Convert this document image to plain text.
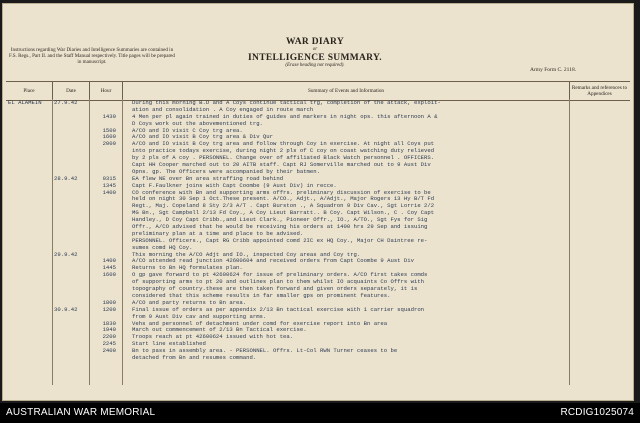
Instructions regarding War Diaries and Intelligence Summaries are contained in F.S. Regs., Part II. and the Staff Manual respectively. Title pages will be prepared in manuscript.
WAR DIARY
or
INTELLIGENCE SUMMARY.
(Erase heading not required).
Army Form C. 2118.
Place	Date	Hour	Summary of Events and Information	Remarks and references to Appendices
EL ALAMEIN	27.9.42	During this morning B.D and A Coys continue tactical trg, completion of the attack, exploit-
ation and consolidation . A Coy engaged in route march
1430	4 Men per pl again trained in duties of guides and markers in night ops. this afternoon A &
D Coys work out the abovementioned trg.
1500	A/CO and IO visit C Coy trg area.
1600	A/CO and IO visit B Coy trg area & Div Qur
2000	A/CO and IO visit B Coy trg area and follow through Coy in exercise. At night all Coys put
into practice todays exercise, during night 2 pls of C coy on coast watching duty relieved
by 2 pls of A coy . PERSONNEL. Change over of affiliated Black Watch personnel . OFFICERS.
Capt HH Cooper marched out to 20 AITB staff. Capt RJ Somerville marched out to 9 Aust Div
Opns. gp. The Officers were accompanied by their batmen.
28.9.42	0315	EA flew NE over Bn area straffing road behind
1345	Capt F.Faulkner joins with Capt Coombe (9 Aust Div) in recce.
1400	CO conference with Bn and supporting arms offrs. preliminary discussion of exercise to be
held on night 30 Sep 1 Oct.These present. A/CO., Adjt., A/Adjt., Major Rogers 13 Hy B/T Fd
Regt., Maj. Copeland 8 Sty 2/3 A/T . Capt Burston ., A Squadron 9 Div Cav., Sgt Lorrie 2/2
MG Bn., Sgt Campbell 2/13 Fd Coy., A Coy Lieut Barratt.. B Coy. Capt Wilson., C . Coy Capt
Handley., D Coy Capt Cribb.,and Lieut Clark., Pioneer Offr., IO., A/TO., Sgt Fys for Sig
Offr., A/CO advised that he would be receiving his orders at 1400 hrs 29 Sep and issuing
preliminary plan at a time and place to be advised.
PERSONNEL. Officers., Capt RG Cribb appointed comd 2IC ex HQ Coy., Major CH Daintree re-
sumes comd HQ Coy.
29.9.42	This morning the A/CO Adjt and IO., inspected Coy areas and Coy trg.
1400	A/CO attended read junction 42600604 and received orders from Capt Coombe 9 Aust Div
1445	Returns to Bn HQ formulates plan.
1600	O gp gave forward to pt 42600624 for issue of preliminary orders. A/CO first takes comds
of supporting arms to pt 20 and outlines plan to them whilst IO acquaints Co Offrs with
topography of country.these are then taken forward and given orders separately, it is
considered that this scheme results in far smaller gps on prominent features.
1800	A/CO and party returns to Bn area.
30.9.42	1200	Final issue of orders as per appendix 2/13 Bn tactical exercise with 1 carrier squadron
from 9 Aust Div cav and supporting arms.
1830	Vehs and personnel of detachment under comd for exercise report into Bn area
1940	March out commencement of 2/13 Bn Tactical exercise.
2200	Troops reach at pt 42600624 issued with hot tea.
2245	Start line established
2400	Bn to pass in assembly area. - PERSONNEL. Offrs. Lt-Col RWN Turner ceases to be
detached from Bn and resumes command.
AUSTRALIAN WAR MEMORIAL	RCDIG1025074
